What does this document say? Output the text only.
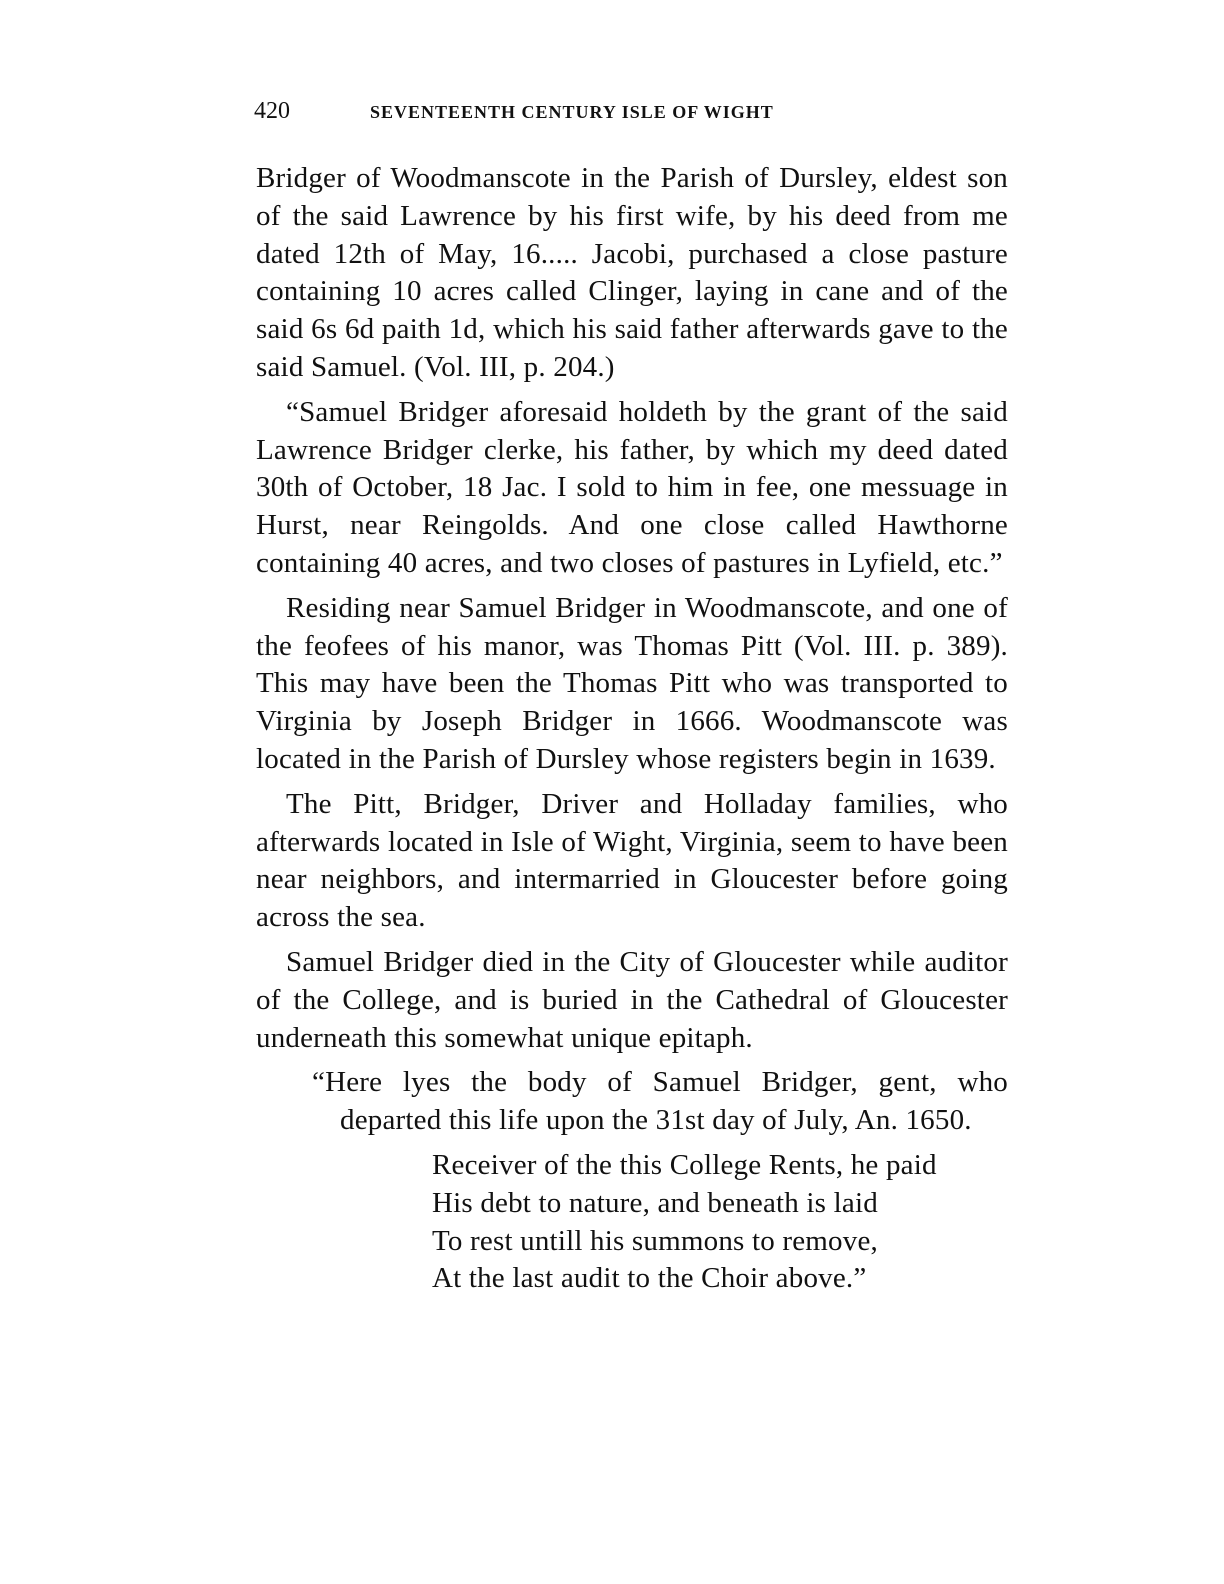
420	SEVENTEENTH CENTURY ISLE OF WIGHT

Bridger of Woodmanscote in the Parish of Dursley, eldest son of the said Lawrence by his first wife, by his deed from me dated 12th of May, 16..... Jacobi, purchased a close pasture containing 10 acres called Clinger, laying in cane and of the said 6s 6d paith 1d, which his said father afterwards gave to the said Samuel. (Vol. III, p. 204.)

“Samuel Bridger aforesaid holdeth by the grant of the said Lawrence Bridger clerke, his father, by which my deed dated 30th of October, 18 Jac. I sold to him in fee, one messuage in Hurst, near Reingolds. And one close called Hawthorne containing 40 acres, and two closes of pastures in Lyfield, etc.”

Residing near Samuel Bridger in Woodmanscote, and one of the feofees of his manor, was Thomas Pitt (Vol. III. p. 389). This may have been the Thomas Pitt who was transported to Virginia by Joseph Bridger in 1666. Woodmanscote was located in the Parish of Dursley whose registers begin in 1639.

The Pitt, Bridger, Driver and Holladay families, who afterwards located in Isle of Wight, Virginia, seem to have been near neighbors, and intermarried in Gloucester before going across the sea.

Samuel Bridger died in the City of Gloucester while auditor of the College, and is buried in the Cathedral of Gloucester underneath this somewhat unique epitaph.

“Here lyes the body of Samuel Bridger, gent, who departed this life upon the 31st day of July, An. 1650.

Receiver of the this College Rents, he paid
His debt to nature, and beneath is laid
To rest untill his summons to remove,
At the last audit to the Choir above.”
